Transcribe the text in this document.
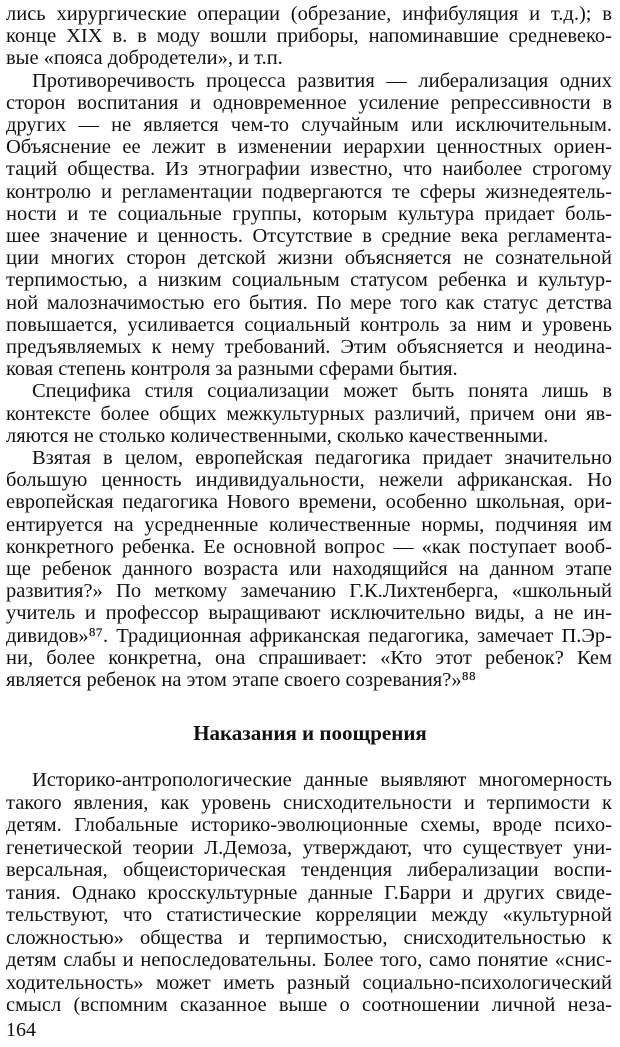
лись хирургические операции (обрезание, инфибуляция и т.д.); в
конце XIX в. в моду вошли приборы, напоминавшие средневеко-
вые «пояса добродетели», и т.п.
Противоречивость процесса развития — либерализация одних
сторон воспитания и одновременное усиление репрессивности в
других — не является чем-то случайным или исключительным.
Объяснение ее лежит в изменении иерархии ценностных ориен-
таций общества. Из этнографии известно, что наиболее строгому
контролю и регламентации подвергаются те сферы жизнедеятель-
ности и те социальные группы, которым культура придает боль-
шее значение и ценность. Отсутствие в средние века регламента-
ции многих сторон детской жизни объясняется не сознательной
терпимостью, а низким социальным статусом ребенка и культур-
ной малозначимостью его бытия. По мере того как статус детства
повышается, усиливается социальный контроль за ним и уровень
предъявляемых к нему требований. Этим объясняется и неодина-
ковая степень контроля за разными сферами бытия.
Специфика стиля социализации может быть понята лишь в
контексте более общих межкультурных различий, причем они яв-
ляются не столько количественными, сколько качественными.
Взятая в целом, европейская педагогика придает значительно
большую ценность индивидуальности, нежели африканская. Но
европейская педагогика Нового времени, особенно школьная, ори-
ентируется на усредненные количественные нормы, подчиняя им
конкретного ребенка. Ее основной вопрос — «как поступает вооб-
ще ребенок данного возраста или находящийся на данном этапе
развития?» По меткому замечанию Г.К.Лихтенберга, «школьный
учитель и профессор выращивают исключительно виды, а не ин-
дивидов»⁸⁷. Традиционная африканская педагогика, замечает П.Эр-
ни, более конкретна, она спрашивает: «Кто этот ребенок? Кем
является ребенок на этом этапе своего созревания?»⁸⁸
Наказания и поощрения
Историко-антропологические данные выявляют многомерность
такого явления, как уровень снисходительности и терпимости к
детям. Глобальные историко-эволюционные схемы, вроде психо-
генетической теории Л.Демоза, утверждают, что существует уни-
версальная, общеисторическая тенденция либерализации воспи-
тания. Однако кросскультурные данные Г.Барри и других свиде-
тельствуют, что статистические корреляции между «культурной
сложностью» общества и терпимостью, снисходительностью к
детям слабы и непоследовательны. Более того, само понятие «снис-
ходительность» может иметь разный социально-психологический
смысл (вспомним сказанное выше о соотношении личной неза-
164
